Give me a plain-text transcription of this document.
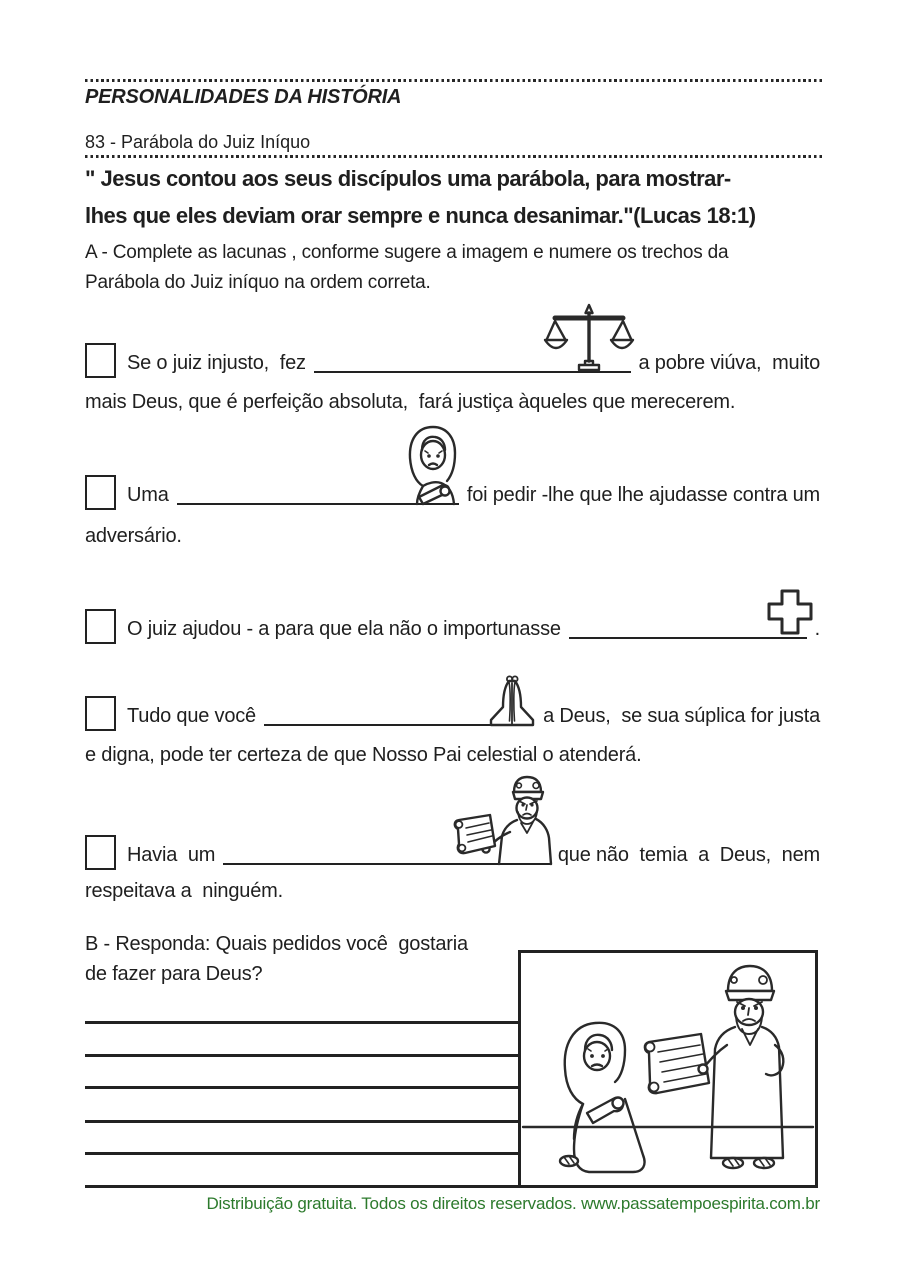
PERSONALIDADES DA HISTÓRIA
83 - Parábola do Juiz Iníquo
" Jesus contou aos seus discípulos uma parábola, para mostrar-
lhes que eles deviam orar sempre e nunca desanimar."(Lucas 18:1)
A - Complete as lacunas , conforme sugere a imagem e numere os trechos da
Parábola do Juiz iníquo na ordem correta.
Se o juiz injusto,  fez	a pobre viúva,  muito
mais Deus, que é perfeição absoluta,  fará justiça àqueles que merecerem.
Uma	foi pedir -lhe que lhe ajudasse contra um
adversário.
O juiz ajudou - a para que ela não o importunasse	.
Tudo que você	a Deus,  se sua súplica for justa
e digna, pode ter certeza de que Nosso Pai celestial o atenderá.
Havia  um	que não  temia  a  Deus,  nem
respeitava a  ninguém.
B - Responda: Quais pedidos você  gostaria
de fazer para Deus?
Distribuição gratuita. Todos os direitos reservados. www.passatempoespirita.com.br
